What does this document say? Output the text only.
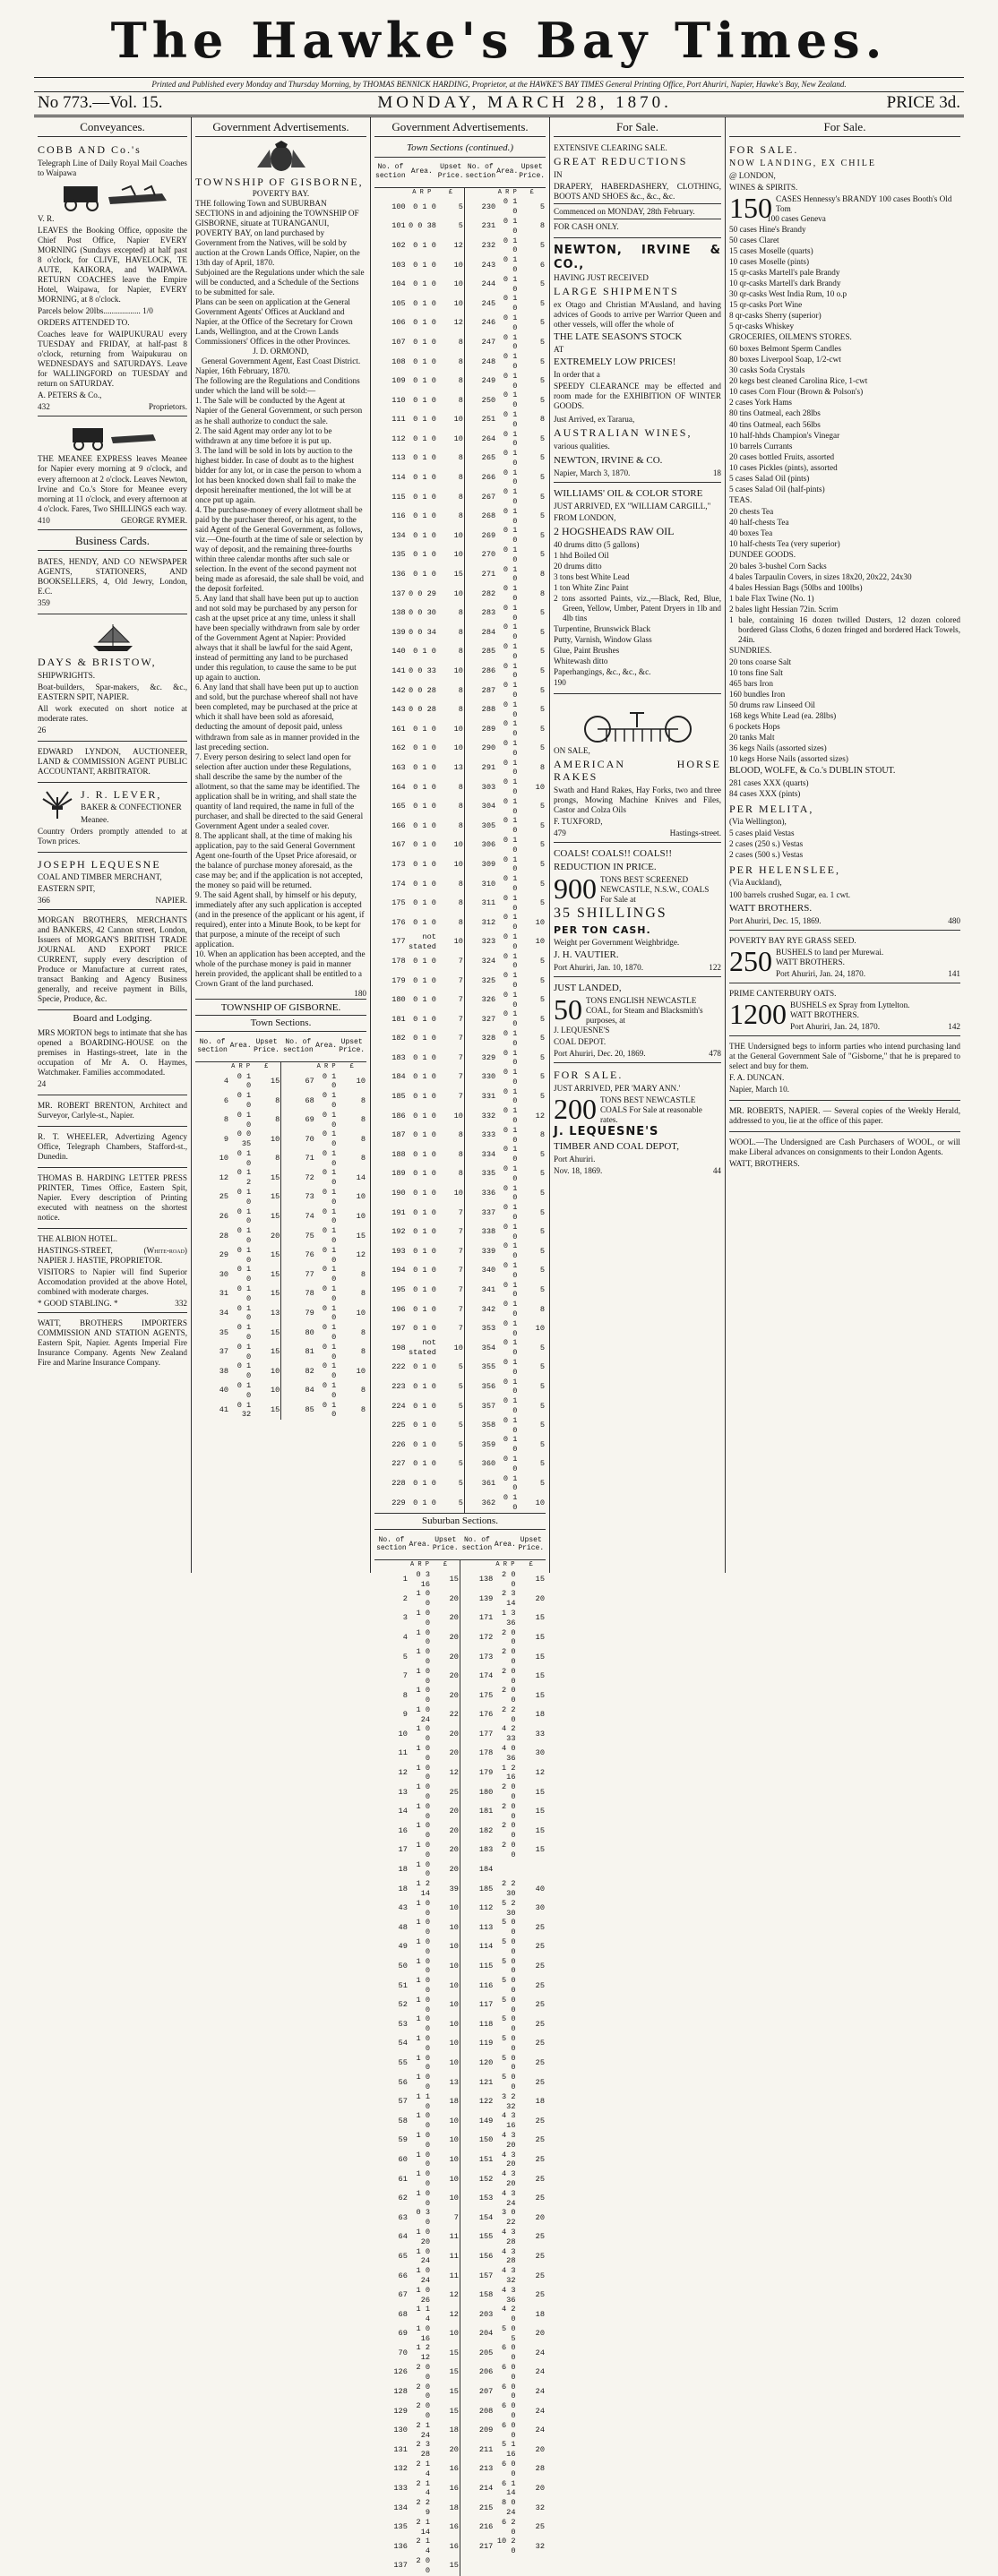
The Hawke's Bay Times.
Printed and Published every Monday and Thursday Morning, by THOMAS BENNICK HARDING, Proprietor, at the HAWKE'S BAY TIMES General Printing Office, Port Ahuriri, Napier, Hawke's Bay, New Zealand.
No 773.—Vol. 15.	MONDAY, MARCH 28, 1870.	PRICE 3d.
Conveyances.

COBB AND Co.'s

Telegraph Line of Daily Royal Mail Coaches to Waipawa

V. R.

LEAVES the Booking Office, opposite the Chief Post Office, Napier EVERY MORNING (Sundays excepted) at half past 8 o'clock, for CLIVE, HAVELOCK, TE AUTE, KAIKORA, and WAIPAWA. RETURN COACHES leave the Empire Hotel, Waipawa, for Napier, EVERY MORNING, at 8 o'clock.

Parcels below 20lbs.................. 1/0

ORDERS ATTENDED TO.

Coaches leave for WAIPUKURAU every TUESDAY and FRIDAY, at half-past 8 o'clock, returning from Waipukurau on WEDNESDAYS and SATURDAYS. Leave for WALLINGFORD on TUESDAY and return on SATURDAY.

A. PETERS & Co.,

432	Proprietors.

THE MEANEE EXPRESS leaves Meanee for Napier every morning at 9 o'clock, and every afternoon at 2 o'clock. Leaves Newton, Irvine and Co.'s Store for Meanee every morning at 11 o'clock, and every afternoon at 4 o'clock. Fares, Two SHILLINGS each way.

410	GEORGE RYMER.
Business Cards.

BATES, HENDY, AND CO NEWSPAPER AGENTS, STATIONERS, AND BOOKSELLERS, 4, Old Jewry, London, E.C.

359

DAYS & BRISTOW,

SHIPWRIGHTS.

Boat-builders, Spar-makers, &c. &c., EASTERN SPIT, NAPIER.

All work executed on short notice at moderate rates.

26

EDWARD LYNDON, AUCTIONEER, LAND & COMMISSION AGENT PUBLIC ACCOUNTANT, ARBITRATOR.

J. R. LEVER,

BAKER & CONFECTIONER

Meanee.

Country Orders promptly attended to at Town prices.

JOSEPH LEQUESNE

COAL AND TIMBER MERCHANT,

EASTERN SPIT,

366	NAPIER.

MORGAN BROTHERS, MERCHANTS and BANKERS, 42 Cannon street, London, Issuers of MORGAN'S BRITISH TRADE JOURNAL AND EXPORT PRICE CURRENT, supply every description of Produce or Manufacture at current rates, transact Banking and Agency Business generally, and receive payment in Bills, Specie, Produce, &c.

Board and Lodging.

MRS MORTON begs to intimate that she has opened a BOARDING-HOUSE on the premises in Hastings-street, late in the occupation of Mr A. O. Haymes, Watchmaker. Families accommodated.

24

MR. ROBERT BRENTON, Architect and Surveyor, Carlyle-st., Napier.

R. T. WHEELER, Advertizing Agency Office, Telegraph Chambers, Stafford-st., Dunedin.

THOMAS B. HARDING LETTER PRESS PRINTER, Times Office, Eastern Spit, Napier. Every description of Printing executed with neatness on the shortest notice.

THE ALBION HOTEL.

HASTINGS-STREET, (White-road) NAPIER J. HASTIE, PROPRIETOR.

VISITORS to Napier will find Superior Accomodation provided at the above Hotel, combined with moderate charges.

* GOOD STABLING. *	332

WATT, BROTHERS IMPORTERS COMMISSION AND STATION AGENTS, Eastern Spit, Napier. Agents Imperial Fire Insurance Company. Agents New Zealand Fire and Marine Insurance Company.

Government Advertisements.

TOWNSHIP OF GISBORNE,

POVERTY BAY.

THE following Town and SUBURBAN SECTIONS in and adjoining the TOWNSHIP OF GISBORNE, situate at TURANGANUI, POVERTY BAY, on land purchased by Government from the Natives, will be sold by auction at the Crown Lands Office, Napier, on the 13th day of April, 1870.

Subjoined are the Regulations under which the sale will be conducted, and a Schedule of the Sections to be submitted for sale.

Plans can be seen on application at the General Government Agents' Offices at Auckland and Napier, at the Office of the Secretary for Crown Lands, Wellington, and at the Crown Lands Commissioners' Offices in the other Provinces.

J. D. ORMOND,

General Government Agent, East Coast District.

Napier, 16th February, 1870.

The following are the Regulations and Conditions under which the land will be sold:—

1. The Sale will be conducted by the Agent at Napier of the General Government, or such person as he shall authorize to conduct the sale.

2. The said Agent may order any lot to be withdrawn at any time before it is put up.

3. The land will be sold in lots by auction to the highest bidder. In case of doubt as to the highest bidder for any lot, or in case the person to whom a lot has been knocked down shall fail to make the deposit hereinafter mentioned, the lot will be at once put up again.

4. The purchase-money of every allotment shall be paid by the purchaser thereof, or his agent, to the said Agent of the General Government, as follows, viz.—One-fourth at the time of sale or selection by way of deposit, and the remaining three-fourths within three calendar months after such sale or selection. In the event of the second payment not being made as aforesaid, the sale shall be void, and the deposit forfeited.

5. Any land that shall have been put up to auction and not sold may be purchased by any person for cash at the upset price at any time, unless it shall have been specially withdrawn from sale by order of the Government Agent at Napier: Provided always that it shall be lawful for the said Agent, instead of permitting any land to be purchased under this regulation, to cause the same to be put up again to auction.

6. Any land that shall have been put up to auction and sold, but the purchase whereof shall not have been completed, may be purchased at the price at which it shall have been sold as aforesaid, deducting the amount of deposit paid, unless withdrawn from sale as in manner provided in the last preceding section.

7. Every person desiring to select land open for selection after auction under these Regulations, shall describe the same by the number of the allotment, so that the same may be identified. The application shall be in writing, and shall state the quantity of land required, the name in full of the purchaser, and shall be directed to the said General Government Agent under a sealed cover.

8. The applicant shall, at the time of making his application, pay to the said General Government Agent one-fourth of the Upset Price aforesaid, or the balance of purchase money aforesaid, as the case may be; and if the application is not accepted, the money so paid will be returned.

9. The said Agent shall, by himself or his deputy, immediately after any such application is accepted (and in the presence of the applicant or his agent, if required), enter into a Minute Book, to be kept for that purpose, a minute of the receipt of such application.

10. When an application has been accepted, and the whole of the purchase money is paid in manner herein provided, the applicant shall be entitled to a Crown Grant of the land purchased.

180

TOWNSHIP OF GISBORNE.

Town Sections.

No. of section	Area.	Upset Price.	No. of section	Area.	Upset Price.
	A R P	£		A R P	£
4	0 1 0	15	67	0 1 0	10
6	0 1 0	8	68	0 1 0	8
8	0 1 0	8	69	0 1 0	8
9	0 0 35	10	70	0 1 0	8
10	0 1 0	8	71	0 1 0	8
12	0 1 2	15	72	0 1 0	14
25	0 1 0	15	73	0 1 0	10
26	0 1 0	15	74	0 1 0	10
28	0 1 0	20	75	0 1 0	15
29	0 1 0	15	76	0 1 0	12
30	0 1 0	15	77	0 1 0	8
31	0 1 0	15	78	0 1 0	8
34	0 1 0	13	79	0 1 0	10
35	0 1 0	15	80	0 1 0	8
37	0 1 0	15	81	0 1 0	8
38	0 1 0	10	82	0 1 0	10
40	0 1 0	10	84	0 1 0	8
41	0 1 32	15	85	0 1 0	8
Government Advertisements.

Town Sections (continued.)

No. of section	Area.	Upset Price.	No. of section	Area.	Upset Price.
	A R P	£		A R P	£
100	0 1 0	5	230	0 1 0	5
101	0 0 38	5	231	0 1 0	8
102	0 1 0	12	232	0 1 0	5
103	0 1 0	10	243	0 1 0	6
104	0 1 0	10	244	0 1 0	5
105	0 1 0	10	245	0 1 0	5
106	0 1 0	12	246	0 1 0	5
107	0 1 0	8	247	0 1 0	5
108	0 1 0	8	248	0 1 0	5
109	0 1 0	8	249	0 1 0	5
110	0 1 0	8	250	0 1 0	5
111	0 1 0	10	251	0 1 0	8
112	0 1 0	10	264	0 1 0	5
113	0 1 0	8	265	0 1 0	5
114	0 1 0	8	266	0 1 0	5
115	0 1 0	8	267	0 1 0	5
116	0 1 0	8	268	0 1 0	5
134	0 1 0	10	269	0 1 0	5
135	0 1 0	10	270	0 1 0	5
136	0 1 0	15	271	0 1 0	8
137	0 0 29	10	282	0 1 0	8
138	0 0 30	8	283	0 1 0	5
139	0 0 34	8	284	0 1 0	5
140	0 1 0	8	285	0 1 0	5
141	0 0 33	10	286	0 1 0	5
142	0 0 28	8	287	0 1 0	5
143	0 0 28	8	288	0 1 0	5
161	0 1 0	10	289	0 1 0	5
162	0 1 0	10	290	0 1 0	5
163	0 1 0	13	291	0 1 0	8
164	0 1 0	8	303	0 1 0	10
165	0 1 0	8	304	0 1 0	5
166	0 1 0	8	305	0 1 0	5
167	0 1 0	10	306	0 1 0	5
173	0 1 0	10	309	0 1 0	5
174	0 1 0	8	310	0 1 0	5
175	0 1 0	8	311	0 1 0	5
176	0 1 0	8	312	0 1 0	10
177	not stated	10	323	0 1 0	10
178	0 1 0	7	324	0 1 0	5
179	0 1 0	7	325	0 1 0	5
180	0 1 0	7	326	0 1 0	5
181	0 1 0	7	327	0 1 0	5
182	0 1 0	7	328	0 1 0	5
183	0 1 0	7	329	0 1 0	5
184	0 1 0	7	330	0 1 0	5
185	0 1 0	7	331	0 1 0	5
186	0 1 0	10	332	0 1 0	12
187	0 1 0	8	333	0 1 0	8
188	0 1 0	8	334	0 1 0	5
189	0 1 0	8	335	0 1 0	5
190	0 1 0	10	336	0 1 0	5
191	0 1 0	7	337	0 1 0	5
192	0 1 0	7	338	0 1 0	5
193	0 1 0	7	339	0 1 0	5
194	0 1 0	7	340	0 1 0	5
195	0 1 0	7	341	0 1 0	5
196	0 1 0	7	342	0 1 0	8
197	0 1 0	7	353	0 1 0	10
198	not stated	10	354	0 1 0	5
222	0 1 0	5	355	0 1 0	5
223	0 1 0	5	356	0 1 0	5
224	0 1 0	5	357	0 1 0	5
225	0 1 0	5	358	0 1 0	5
226	0 1 0	5	359	0 1 0	5
227	0 1 0	5	360	0 1 0	5
228	0 1 0	5	361	0 1 0	5
229	0 1 0	5	362	0 1 0	10

Suburban Sections.

No. of section	Area.	Upset Price.	No. of section	Area.	Upset Price.
	A R P	£		A R P	£
1	0 3 16	15	138	2 0 0	15
2	1 0 0	20	139	2 3 14	20
3	1 0 0	20	171	1 3 36	15
4	1 0 0	20	172	2 0 0	15
5	1 0 0	20	173	2 0 0	15
7	1 0 0	20	174	2 0 0	15
8	1 0 0	20	175	2 0 0	15
9	1 0 24	22	176	2 2 0	18
10	1 0 0	20	177	4 2 33	33
11	1 0 0	20	178	4 0 36	30
12	1 0 0	12	179	1 2 16	12
13	1 0 0	25	180	2 0 0	15
14	1 0 0	20	181	2 0 0	15
16	1 0 0	20	182	2 0 0	15
17	1 0 0	20	183	2 0 0	15
18	1 0 0	20	184		
18	1 2 14	39	185	2 2 30	40
43	1 0 0	10	112	5 2 30	30
48	1 0 0	10	113	5 0 0	25
49	1 0 0	10	114	5 0 0	25
50	1 0 0	10	115	5 0 0	25
51	1 0 0	10	116	5 0 0	25
52	1 0 0	10	117	5 0 0	25
53	1 0 0	10	118	5 0 0	25
54	1 0 0	10	119	5 0 0	25
55	1 0 0	10	120	5 0 0	25
56	1 0 0	13	121	5 0 0	25
57	1 1 0	18	122	3 2 32	18
58	1 0 0	10	149	4 3 16	25
59	1 0 0	10	150	4 3 20	25
60	1 0 0	10	151	4 3 20	25
61	1 0 0	10	152	4 3 20	25
62	1 0 0	10	153	4 3 24	25
63	0 3 0	7	154	3 0 22	20
64	1 0 20	11	155	4 3 28	25
65	1 0 24	11	156	4 3 28	25
66	1 0 24	11	157	4 3 32	25
67	1 0 26	12	158	4 3 36	25
68	1 1 4	12	203	4 2 0	18
69	1 0 16	10	204	5 0 5	20
70	1 2 12	15	205	6 0 0	24
126	2 0 0	15	206	6 0 0	24
128	2 0 0	15	207	6 0 0	24
129	2 0 0	15	208	6 0 0	24
130	2 1 24	18	209	6 0 0	24
131	2 3 28	20	211	5 1 16	20
132	2 1 4	16	213	6 0 0	28
133	2 1 4	16	214	6 1 14	20
134	2 2 9	18	215	8 0 24	32
135	2 1 14	16	216	6 2 0	25
136	2 1 4	16	217	10 2 0	32
137	2 0 0	15			
For Sale.

EXTENSIVE CLEARING SALE.

GREAT REDUCTIONS

IN

DRAPERY, HABERDASHERY, CLOTHING, BOOTS AND SHOES &c., &c., &c.

Commenced on MONDAY, 28th February.

FOR CASH ONLY.

NEWTON, IRVINE & CO.,

HAVING JUST RECEIVED

LARGE SHIPMENTS

ex Otago and Christian M'Ausland, and having advices of Goods to arrive per Warrior Queen and other vessels, will offer the whole of

THE LATE SEASON'S STOCK

AT

EXTREMELY LOW PRICES!

In order that a

SPEEDY CLEARANCE may be effected and room made for the EXHIBITION OF WINTER GOODS.

Just Arrived, ex Tararua,

AUSTRALIAN WINES,

various qualities.

NEWTON, IRVINE & CO.

Napier, March 3, 1870.	18

WILLIAMS' OIL & COLOR STORE

JUST ARRIVED, EX "WILLIAM CARGILL,"

FROM LONDON,

2 HOGSHEADS RAW OIL

40 drums ditto (5 gallons)

1 hhd Boiled Oil

20 drums ditto

3 tons best White Lead

1 ton White Zinc Paint

2 tons assorted Paints, viz.,—Black, Red, Blue, Green, Yellow, Umber, Patent Dryers in 1lb and 4lb tins

Turpentine, Brunswick Black

Putty, Varnish, Window Glass

Glue, Paint Brushes

Whitewash ditto

Paperhangings, &c., &c., &c.

190

ON SALE,

AMERICAN HORSE RAKES

Swath and Hand Rakes, Hay Forks, two and three prongs, Mowing Machine Knives and Files, Castor and Colza Oils

F. TUXFORD,

479	Hastings-street.

COALS! COALS!! COALS!!

REDUCTION IN PRICE.

900 TONS BEST SCREENED NEWCASTLE, N.S.W., COALS For Sale at

35 SHILLINGS

PER TON CASH.

Weight per Government Weighbridge.

J. H. VAUTIER.

Port Ahuriri, Jan. 10, 1870.	122

JUST LANDED,

50 TONS ENGLISH NEWCASTLE COAL, for Steam and Blacksmith's purposes, at

J. LEQUESNE'S

COAL DEPOT.

Port Ahuriri, Dec. 20, 1869.	478

FOR SALE.

JUST ARRIVED, PER 'MARY ANN.'

200 TONS BEST NEWCASTLE COALS For Sale at reasonable rates.

J. LEQUESNE'S

TIMBER AND COAL DEPOT,

Port Ahuriri.

Nov. 18, 1869.	44
For Sale.

FOR SALE.

NOW LANDING, EX CHILE

@ LONDON,

WINES & SPIRITS.

150 CASES Hennessy's BRANDY 100 cases Booth's Old Tom

100 cases Geneva

50 cases Hine's Brandy

50 cases Claret

15 cases Moselle (quarts)

10 cases Moselle (pints)

15 qr-casks Martell's pale Brandy

10 qr-casks Martell's dark Brandy

30 qr-casks West India Rum, 10 o.p

15 qr-casks Port Wine

8 qr-casks Sherry (superior)

5 qr-casks Whiskey

GROCERIES, OILMEN'S STORES.

60 boxes Belmont Sperm Candles

80 boxes Liverpool Soap, 1/2-cwt

30 casks Soda Crystals

20 kegs best cleaned Carolina Rice, 1-cwt

10 cases Corn Flour (Brown & Polson's)

2 cases York Hams

80 tins Oatmeal, each 28lbs

40 tins Oatmeal, each 56lbs

10 half-hhds Champion's Vinegar

10 barrels Currants

20 cases bottled Fruits, assorted

10 cases Pickles (pints), assorted

5 cases Salad Oil (pints)

5 cases Salad Oil (half-pints)

TEAS.

20 chests Tea

40 half-chests Tea

40 boxes Tea

10 half-chests Tea (very superior)

DUNDEE GOODS.

20 bales 3-bushel Corn Sacks

4 bales Tarpaulin Covers, in sizes 18x20, 20x22, 24x30

4 bales Hessian Bags (50lbs and 100lbs)

1 bale Flax Twine (No. 1)

2 bales light Hessian 72in. Scrim

1 bale, containing 16 dozen twilled Dusters, 12 dozen colored bordered Glass Cloths, 6 dozen fringed and bordered Hack Towels, 24in.

SUNDRIES.

20 tons coarse Salt

10 tons fine Salt

465 bars Iron

160 bundles Iron

50 drums raw Linseed Oil

168 kegs White Lead (ea. 28lbs)

6 pockets Hops

20 tanks Malt

36 kegs Nails (assorted sizes)

10 kegs Horse Nails (assorted sizes)

BLOOD, WOLFE, & Co.'s DUBLIN STOUT.

281 cases XXX (quarts)

84 cases XXX (pints)

PER MELITA,

(Via Wellington),

5 cases plaid Vestas

2 cases (250 s.) Vestas

2 cases (500 s.) Vestas

PER HELENSLEE,

(Via Auckland),

100 barrels crushed Sugar, ea. 1 cwt.

WATT BROTHERS.

Port Ahuriri, Dec. 15, 1869.	480

POVERTY BAY RYE GRASS SEED.

250 BUSHELS to land per Murewai.

WATT BROTHERS.

Port Ahuriri, Jan. 24, 1870.	141

PRIME CANTERBURY OATS.

1200 BUSHELS ex Spray from Lyttelton.

WATT BROTHERS.

Port Ahuriri, Jan. 24, 1870.	142

THE Undersigned begs to inform parties who intend purchasing land at the General Government Sale of "Gisborne," that he is prepared to select and buy for them.

F. A. DUNCAN.

Napier, March 10.

MR. ROBERTS, NAPIER. — Several copies of the Weekly Herald, addressed to you, lie at the office of this paper.

WOOL.—The Undersigned are Cash Purchasers of WOOL, or will make Liberal advances on consignments to their London Agents.

WATT, BROTHERS.
